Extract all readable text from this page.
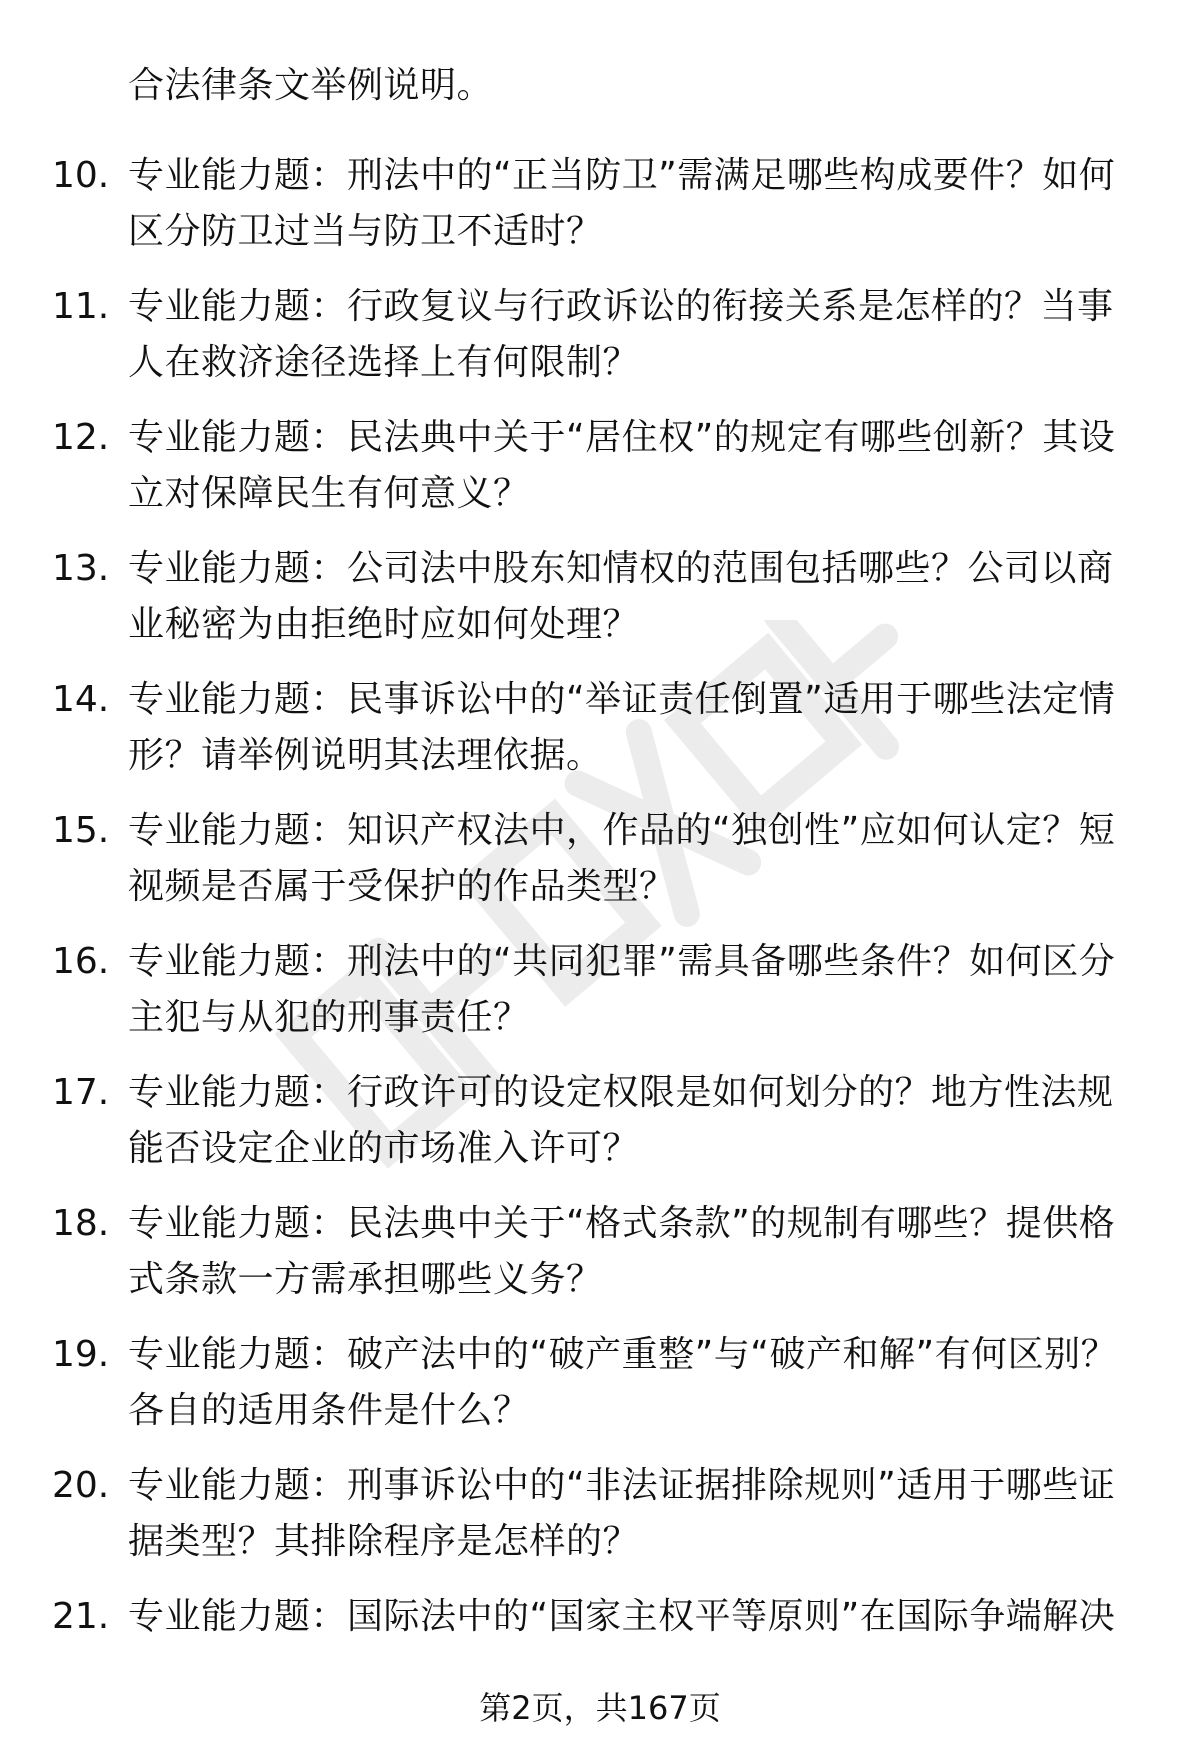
合法律条文举例说明。
10. 专业能力题：刑法中的“正当防卫”需满足哪些构成要件？如何区分防卫过当与防卫不适时？
11. 专业能力题：行政复议与行政诉讼的衔接关系是怎样的？当事人在救济途径选择上有何限制？
12. 专业能力题：民法典中关于“居住权”的规定有哪些创新？其设立对保障民生有何意义？
13. 专业能力题：公司法中股东知情权的范围包括哪些？公司以商业秘密为由拒绝时应如何处理？
14. 专业能力题：民事诉讼中的“举证责任倒置”适用于哪些法定情形？请举例说明其法理依据。
15. 专业能力题：知识产权法中，作品的“独创性”应如何认定？短视频是否属于受保护的作品类型？
16. 专业能力题：刑法中的“共同犯罪”需具备哪些条件？如何区分主犯与从犯的刑事责任？
17. 专业能力题：行政许可的设定权限是如何划分的？地方性法规能否设定企业的市场准入许可？
18. 专业能力题：民法典中关于“格式条款”的规制有哪些？提供格式条款一方需承担哪些义务？
19. 专业能力题：破产法中的“破产重整”与“破产和解”有何区别？各自的适用条件是什么？
20. 专业能力题：刑事诉讼中的“非法证据排除规则”适用于哪些证据类型？其排除程序是怎样的？
21. 专业能力题：国际法中的“国家主权平等原则”在国际争端解决
第2页，共167页
